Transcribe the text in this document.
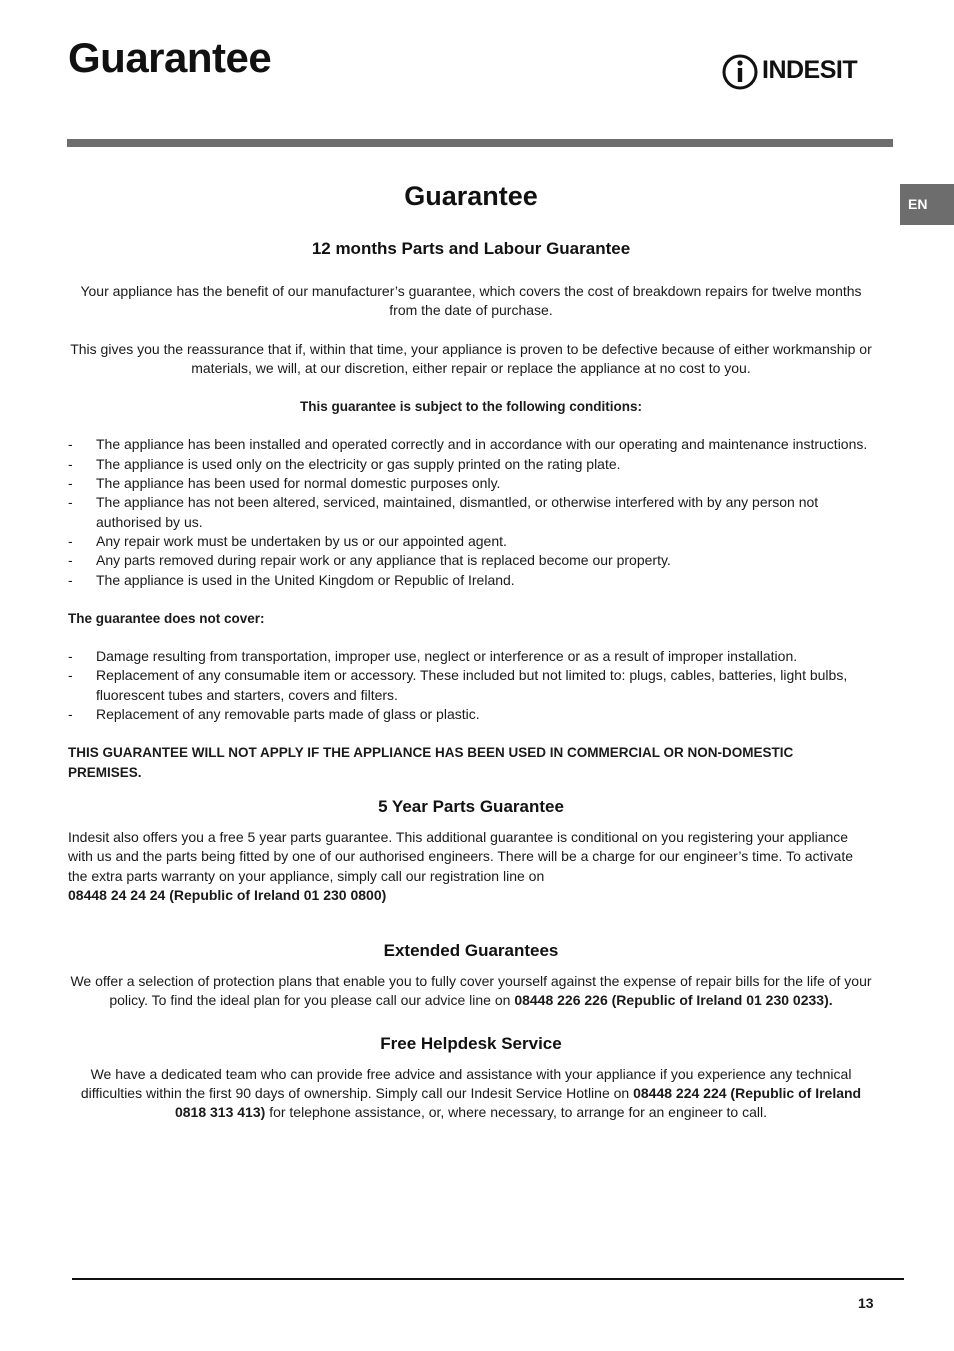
Guarantee	INDESIT
EN
Guarantee
12 months Parts and Labour Guarantee

Your appliance has the benefit of our manufacturer’s guarantee, which covers the cost of breakdown repairs for twelve months from the date of purchase.

This gives you the reassurance that if, within that time, your appliance is proven to be defective because of either workmanship or materials, we will, at our discretion, either repair or replace the appliance at no cost to you.

This guarantee is subject to the following conditions:

- The appliance has been installed and operated correctly and in accordance with our operating and maintenance instructions.
- The appliance is used only on the electricity or gas supply printed on the rating plate.
- The appliance has been used for normal domestic purposes only.
- The appliance has not been altered, serviced, maintained, dismantled, or otherwise interfered with by any person not authorised by us.
- Any repair work must be undertaken by us or our appointed agent.
- Any parts removed during repair work or any appliance that is replaced become our property.
- The appliance is used in the United Kingdom or Republic of Ireland.

The guarantee does not cover:

- Damage resulting from transportation, improper use, neglect or interference or as a result of improper installation.
- Replacement of any consumable item or accessory. These included but not limited to: plugs, cables, batteries, light bulbs, fluorescent tubes and starters, covers and filters.
- Replacement of any removable parts made of glass or plastic.

THIS GUARANTEE WILL NOT APPLY IF THE APPLIANCE HAS BEEN USED IN COMMERCIAL OR NON-DOMESTIC PREMISES.

5 Year Parts Guarantee

Indesit also offers you a free 5 year parts guarantee. This additional guarantee is conditional on you registering your appliance with us and the parts being fitted by one of our authorised engineers. There will be a charge for our engineer’s time. To activate the extra parts warranty on your appliance, simply call our registration line on
08448 24 24 24 (Republic of Ireland 01 230 0800)

Extended Guarantees

We offer a selection of protection plans that enable you to fully cover yourself against the expense of repair bills for the life of your policy. To find the ideal plan for you please call our advice line on 08448 226 226 (Republic of Ireland 01 230 0233).

Free Helpdesk Service

We have a dedicated team who can provide free advice and assistance with your appliance if you experience any technical difficulties within the first 90 days of ownership. Simply call our Indesit Service Hotline on 08448 224 224 (Republic of Ireland 0818 313 413) for telephone assistance, or, where necessary, to arrange for an engineer to call.

13
